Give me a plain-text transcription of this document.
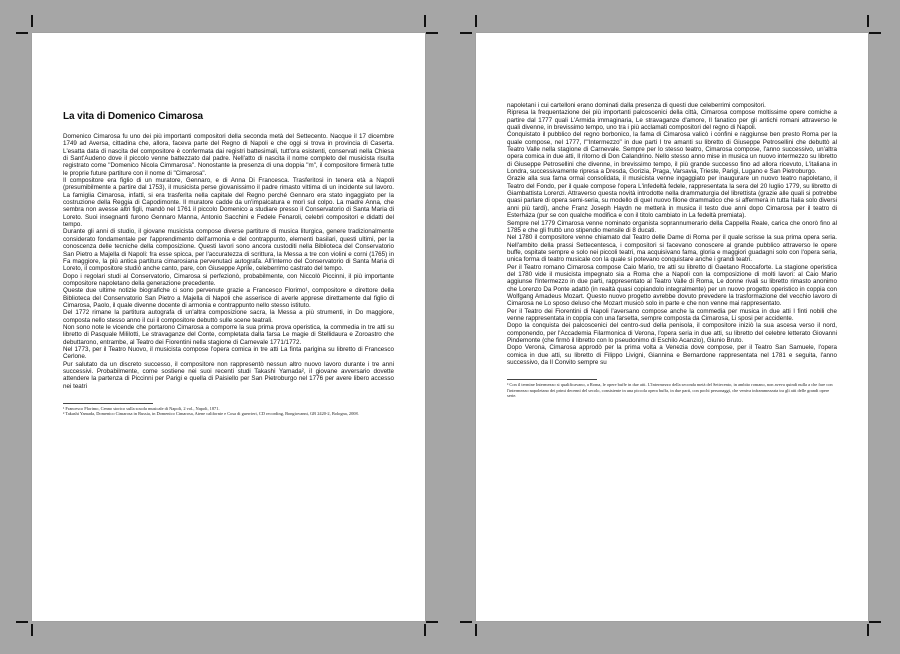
La vita di Domenico Cimarosa

Domenico Cimarosa fu uno dei più importanti compositori della seconda metà del Settecento. Nacque il 17 dicembre 1749 ad Aversa, cittadina che, allora, faceva parte del Regno di Napoli e che oggi si trova in provincia di Caserta. L'esatta data di nascita del compositore è confermata dai registri battesimali, tutt'ora esistenti, conservati nella Chiesa di Sant'Audeno dove il piccolo venne battezzato dal padre. Nell'atto di nascita il nome completo del musicista risulta registrato come "Domenico Nicola Cimmarosa". Nonostante la presenza di una doppia "m", il compositore firmerà tutte le proprie future partiture con il nome di "Cimarosa".

Il compositore era figlio di un muratore, Gennaro, e di Anna Di Francesca. Trasferitosi in tenera età a Napoli (presumibilmente a partire dal 1753), il musicista perse giovanissimo il padre rimasto vittima di un incidente sul lavoro. La famiglia Cimarosa, infatti, si era trasferita nella capitale del Regno perché Gennaro era stato ingaggiato per la costruzione della Reggia di Capodimonte. Il muratore cadde da un'impalcatura e morì sul colpo. La madre Anna, che sembra non avesse altri figli, mandò nel 1761 il piccolo Domenico a studiare presso il Conservatorio di Santa Maria di Loreto. Suoi insegnanti furono Gennaro Manna, Antonio Sacchini e Fedele Fenaroli, celebri compositori e didatti del tempo.

Durante gli anni di studio, il giovane musicista compose diverse partiture di musica liturgica, genere tradizionalmente considerato fondamentale per l'apprendimento dell'armonia e del contrappunto, elementi basilari, questi ultimi, per la conoscenza delle tecniche della composizione. Questi lavori sono ancora custoditi nella Biblioteca del Conservatorio San Pietro a Majella di Napoli: fra esse spicca, per l'accuratezza di scrittura, la Messa a tre con violini e corni (1765) in Fa maggiore, la più antica partitura cimarosiana pervenutaci autografa. All'interno del Conservatorio di Santa Maria di Loreto, il compositore studiò anche canto, pare, con Giuseppe Aprile, celeberrimo castrato del tempo.

Dopo i regolari studi al Conservatorio, Cimarosa si perfezionò, probabilmente, con Niccolò Piccinni, il più importante compositore napoletano della generazione precedente.

Queste due ultime notizie biografiche ci sono pervenute grazie a Francesco Florimo¹, compositore e direttore della Biblioteca del Conservatorio San Pietro a Majella di Napoli che asserisce di averle apprese direttamente dal figlio di Cimarosa, Paolo, il quale divenne docente di armonia e contrappunto nello stesso istituto.

Del 1772 rimane la partitura autografa di un'altra composizione sacra, la Messa a più strumenti, in Do maggiore, composta nello stesso anno il cui il compositore debuttò sulle scene teatrali.

Non sono note le vicende che portarono Cimarosa a comporre la sua prima prova operistica, la commedia in tre atti su libretto di Pasquale Mililotti, Le stravaganze del Conte, completata dalla farsa Le magie di Stellidaura e Zoroastro che debuttarono, entrambe, al Teatro dei Fiorentini nella stagione di Carnevale 1771/1772.

Nel 1773, per il Teatro Nuovo, il musicista compose l'opera comica in tre atti La finta parigina su libretto di Francesco Cerlone.

Pur salutato da un discreto successo, il compositore non rappresentò nessun altro nuovo lavoro durante i tre anni successivi. Probabilmente, come sostiene nei suoi recenti studi Takashi Yamada², il giovane avversario dovette attendere la partenza di Piccinni per Parigi e quella di Paisiello per San Pietroburgo nel 1776 per avere libero accesso nei teatri

¹ Francesco Florimo, Cenno storico sulla scuola musicale di Napoli, 2 vol., Napoli, 1871.

² Takashi Yamada, Domenico Cimarosa in Russia, in Domenico Cimarosa, Atene californie e Cosa di guerrieri, CD recording, Bongiovanni, GB 2420-2, Bologna, 2008.

napoletani i cui cartelloni erano dominati dalla presenza di questi due celeberrimi compositori.

Ripresa la frequentazione dei più importanti palcoscenici della città, Cimarosa compose moltissime opere comiche a partire dal 1777 quali L'Armida immaginaria, Le stravaganze d'amore, Il fanatico per gli antichi romani attraverso le quali divenne, in brevissimo tempo, uno tra i più acclamati compositori del regno di Napoli.

Conquistato il pubblico del regno borbonico, la fama di Cimarosa valicò i confini e raggiunse ben presto Roma per la quale compose, nel 1777, l'"Intermezzo" in due parti I tre amanti su libretto di Giuseppe Petrosellini che debuttò al Teatro Valle nella stagione di Carnevale. Sempre per lo stesso teatro, Cimarosa compose, l'anno successivo, un'altra opera comica in due atti, Il ritorno di Don Calandrino. Nello stesso anno mise in musica un nuovo intermezzo su libretto di Giuseppe Petrosellini che divenne, in brevissimo tempo, il più grande successo fino ad allora ricevuto, L'italiana in Londra, successivamente ripresa a Dresda, Gorizia, Praga, Varsavia, Trieste, Parigi, Lugano e San Pietroburgo.

Grazie alla sua fama ormai consolidata, il musicista venne ingaggiato per inaugurare un nuovo teatro napoletano, il Teatro del Fondo, per il quale compose l'opera L'infedeltà fedele, rappresentata la sera del 20 luglio 1779, su libretto di Giambattista Lorenzi. Attraverso questa novità introdotte nella drammaturgia del librettista (grazie alle quali si potrebbe quasi parlare di opera semi-seria, su modello di quel nuovo filone drammatico che si affermerà in tutta Italia solo diversi anni più tardi), anche Franz Joseph Haydn ne metterà in musica il testo due anni dopo Cimarosa per il teatro di Esterháza (pur se con qualche modifica e con il titolo cambiato in La fedeltà premiata).

Sempre nel 1779 Cimarosa venne nominato organista soprannumerario della Cappella Reale, carica che onorò fino al 1785 e che gli fruttò uno stipendio mensile di 8 ducati.

Nel 1780 il compositore venne chiamato dal Teatro delle Dame di Roma per il quale scrisse la sua prima opera seria. Nell'ambito della prassi Settecentesca, i compositori si facevano conoscere al grande pubblico attraverso le opere buffe, ospitate sempre e solo nei piccoli teatri, ma acquisivano fama, gloria e maggiori guadagni solo con l'opera seria, unica forma di teatro musicale con la quale si potevano conquistare anche i grandi teatri.

Per il Teatro romano Cimarosa compose Caio Mario, tre atti su libretto di Gaetano Roccaforte. La stagione operistica del 1780 vide il musicista impegnato sia a Roma che a Napoli con la composizione di molti lavori: al Caio Mario aggiunse l'Intermezzo in due parti, rappresentato al Teatro Valle di Roma, Le donne rivali su libretto rimasto anonimo che Lorenzo Da Ponte adattò (in realtà quasi copiandolo integralmente) per un nuovo progetto operistico in coppia con Wolfgang Amadeus Mozart. Questo nuovo progetto avrebbe dovuto prevedere la trasformazione del vecchio lavoro di Cimarosa ne Lo sposo deluso che Mozart musicò solo in parte e che non venne mai rappresentato.

Per il Teatro dei Fiorentini di Napoli l'aversano compose anche la commedia per musica in due atti I finti nobili che venne rappresentata in coppia con una farsetta, sempre composta da Cimarosa, Li sposi per accidente.

Dopo la conquista dei palcoscenici del centro-sud della penisola, il compositore iniziò la sua ascesa verso il nord, componendo, per l'Accademia Filarmonica di Verona, l'opera seria in due atti, su libretto del celebre letterato Giovanni Pindemonte (che firmò il libretto con lo pseudonimo di Eschilo Acanzio), Giunio Bruto.

Dopo Verona, Cimarosa approdò per la prima volta a Venezia dove compose, per il Teatro San Samuele, l'opera comica in due atti, su libretto di Filippo Livigni, Giannina e Bernardone rappresentata nel 1781 e seguita, l'anno successivo, da Il Convito sempre su

³ Con il termine Intermezzo si qualificavano, a Roma, le opere buffe in due atti. L'Intermezzo della seconda metà del Settecento, in ambito romano, non aveva quindi nulla a che fare con l'intermezzo napoletano dei primi decenni del secolo, consistente in una piccola opera buffa, in due parti, con pochi personaggi, che veniva inframmezzata tra gli atti delle grandi opere serie.
